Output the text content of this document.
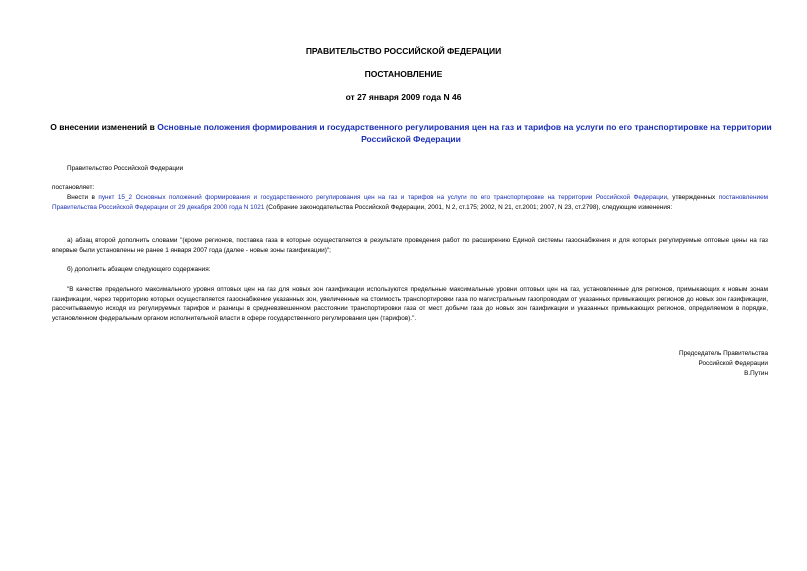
ПРАВИТЕЛЬСТВО РОССИЙСКОЙ ФЕДЕРАЦИИ
ПОСТАНОВЛЕНИЕ
от 27 января 2009 года N 46
О внесении изменений в Основные положения формирования и государственного регулирования цен на газ и тарифов на услуги по его транспортировке на территории Российской Федерации
Правительство Российской Федерации
постановляет:
Внести в пункт 15_2 Основных положений формирования и государственного регулирования цен на газ и тарифов на услуги по его транспортировке на территории Российской Федерации, утвержденных постановлением Правительства Российской Федерации от 29 декабря 2000 года N 1021 (Собрание законодательства Российской Федерации, 2001, N 2, ст.175; 2002, N 21, ст.2001; 2007, N 23, ст.2798), следующие изменения:
а) абзац второй дополнить словами "(кроме регионов, поставка газа в которые осуществляется в результате проведения работ по расширению Единой системы газоснабжения и для которых регулируемые оптовые цены на газ впервые были установлены не ранее 1 января 2007 года (далее - новые зоны газификации)";
б) дополнить абзацем следующего содержания:
"В качестве предельного максимального уровня оптовых цен на газ для новых зон газификации используются предельные максимальные уровни оптовых цен на газ, установленные для регионов, примыкающих к новым зонам газификации, через территорию которых осуществляется газоснабжение указанных зон, увеличенные на стоимость транспортировки газа по магистральным газопроводам от указанных примыкающих регионов до новых зон газификации, рассчитываемую исходя из регулируемых тарифов и разницы в средневзвешенном расстоянии транспортировки газа от мест добычи газа до новых зон газификации и указанных примыкающих регионов, определяемом в порядке, установленном федеральным органом исполнительной власти в сфере государственного регулирования цен (тарифов).".
Председатель Правительства
Российской Федерации
В.Путин
